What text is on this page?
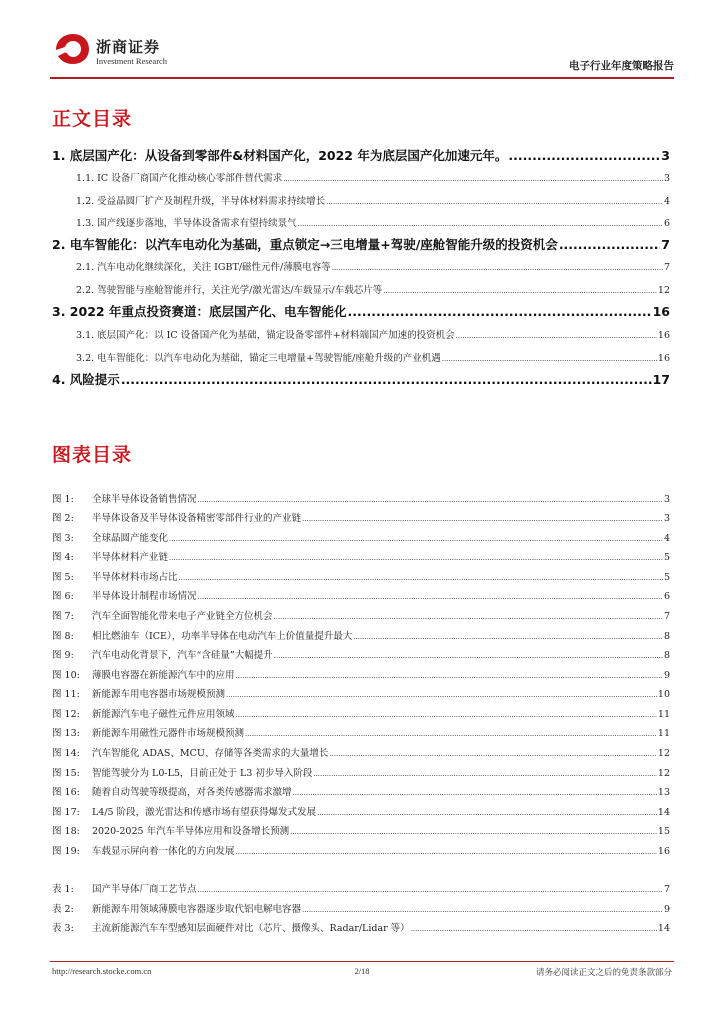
浙商证券
Investment Research	电子行业年度策略报告
正文目录
1. 底层国产化：从设备到零部件&材料国产化，2022 年为底层国产化加速元年。 .....	3
1.1. IC 设备厂商国产化推动核心零部件替代需求 .....	3
1.2. 受益晶圆厂扩产及制程升级，半导体材料需求持续增长 .....	4
1.3. 国产线逐步落地，半导体设备需求有望持续景气 .....	6
2. 电车智能化：以汽车电动化为基础，重点锁定→三电增量+驾驶/座舱智能升级的投资机会 .....	7
2.1. 汽车电动化继续深化，关注 IGBT/磁性元件/薄膜电容等 .....	7
2.2. 驾驶智能与座舱智能并行，关注光学/激光雷达/车载显示/车载芯片等 .....	12
3. 2022 年重点投资赛道：底层国产化、电车智能化 .....	16
3.1. 底层国产化：以 IC 设备国产化为基础，锚定设备零部件+材料端国产加速的投资机会 .....	16
3.2. 电车智能化：以汽车电动化为基础，锚定三电增量+驾驶智能/座舱升级的产业机遇 .....	16
4. 风险提示 .....	17
图表目录
图 1: 全球半导体设备销售情况 .....	3
图 2: 半导体设备及半导体设备精密零部件行业的产业链 .....	3
图 3: 全球晶圆产能变化 .....	4
图 4: 半导体材料产业链 .....	5
图 5: 半导体材料市场占比 .....	5
图 6: 半导体设计制程市场情况 .....	6
图 7: 汽车全面智能化带来电子产业链全方位机会 .....	7
图 8: 相比燃油车（ICE），功率半导体在电动汽车上价值量提升最大 .....	8
图 9: 汽车电动化背景下，汽车“含硅量”大幅提升 .....	8
图 10: 薄膜电容器在新能源汽车中的应用 .....	9
图 11: 新能源车用电容器市场规模预测 .....	10
图 12: 新能源汽车电子磁性元件应用领域 .....	11
图 13: 新能源车用磁性元器件市场规模预测 .....	11
图 14: 汽车智能化 ADAS、MCU、存储等各类需求的大量增长 .....	12
图 15: 智能驾驶分为 L0-L5，目前正处于 L3 初步导入阶段 .....	12
图 16: 随着自动驾驶等级提高，对各类传感器需求激增 .....	13
图 17: L4/5 阶段，激光雷达和传感市场有望获得爆发式发展 .....	14
图 18: 2020-2025 年汽车半导体应用和设备增长预测 .....	15
图 19: 车载显示屏向着一体化的方向发展 .....	16
表 1: 国产半导体厂商工艺节点 .....	7
表 2: 新能源车用领域薄膜电容器逐步取代铝电解电容器 .....	9
表 3: 主流新能源汽车车型感知层面硬件对比（芯片、摄像头、Radar/Lidar 等） .....	14
http://research.stocke.com.cn	2/18	请务必阅读正文之后的免责条款部分
